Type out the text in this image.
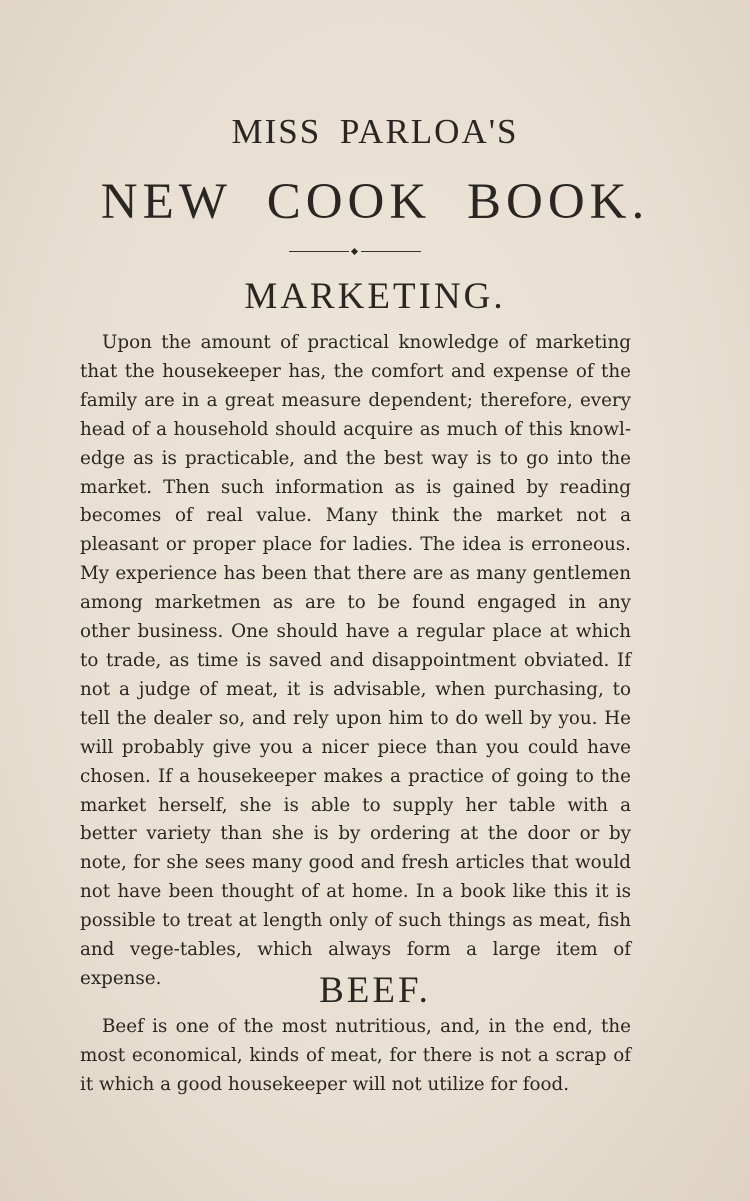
MISS PARLOA'S
NEW COOK BOOK.
MARKETING.
Upon the amount of practical knowledge of marketing that the housekeeper has, the comfort and expense of the family are in a great measure dependent; therefore, every head of a household should acquire as much of this knowl-edge as is practicable, and the best way is to go into the market. Then such information as is gained by reading becomes of real value. Many think the market not a pleasant or proper place for ladies. The idea is erroneous. My experience has been that there are as many gentlemen among marketmen as are to be found engaged in any other business. One should have a regular place at which to trade, as time is saved and disappointment obviated. If not a judge of meat, it is advisable, when purchasing, to tell the dealer so, and rely upon him to do well by you. He will probably give you a nicer piece than you could have chosen. If a housekeeper makes a practice of going to the market herself, she is able to supply her table with a better variety than she is by ordering at the door or by note, for she sees many good and fresh articles that would not have been thought of at home. In a book like this it is possible to treat at length only of such things as meat, fish and vege-tables, which always form a large item of expense.	BEEF.
Beef is one of the most nutritious, and, in the end, the most economical, kinds of meat, for there is not a scrap of it which a good housekeeper will not utilize for food.
